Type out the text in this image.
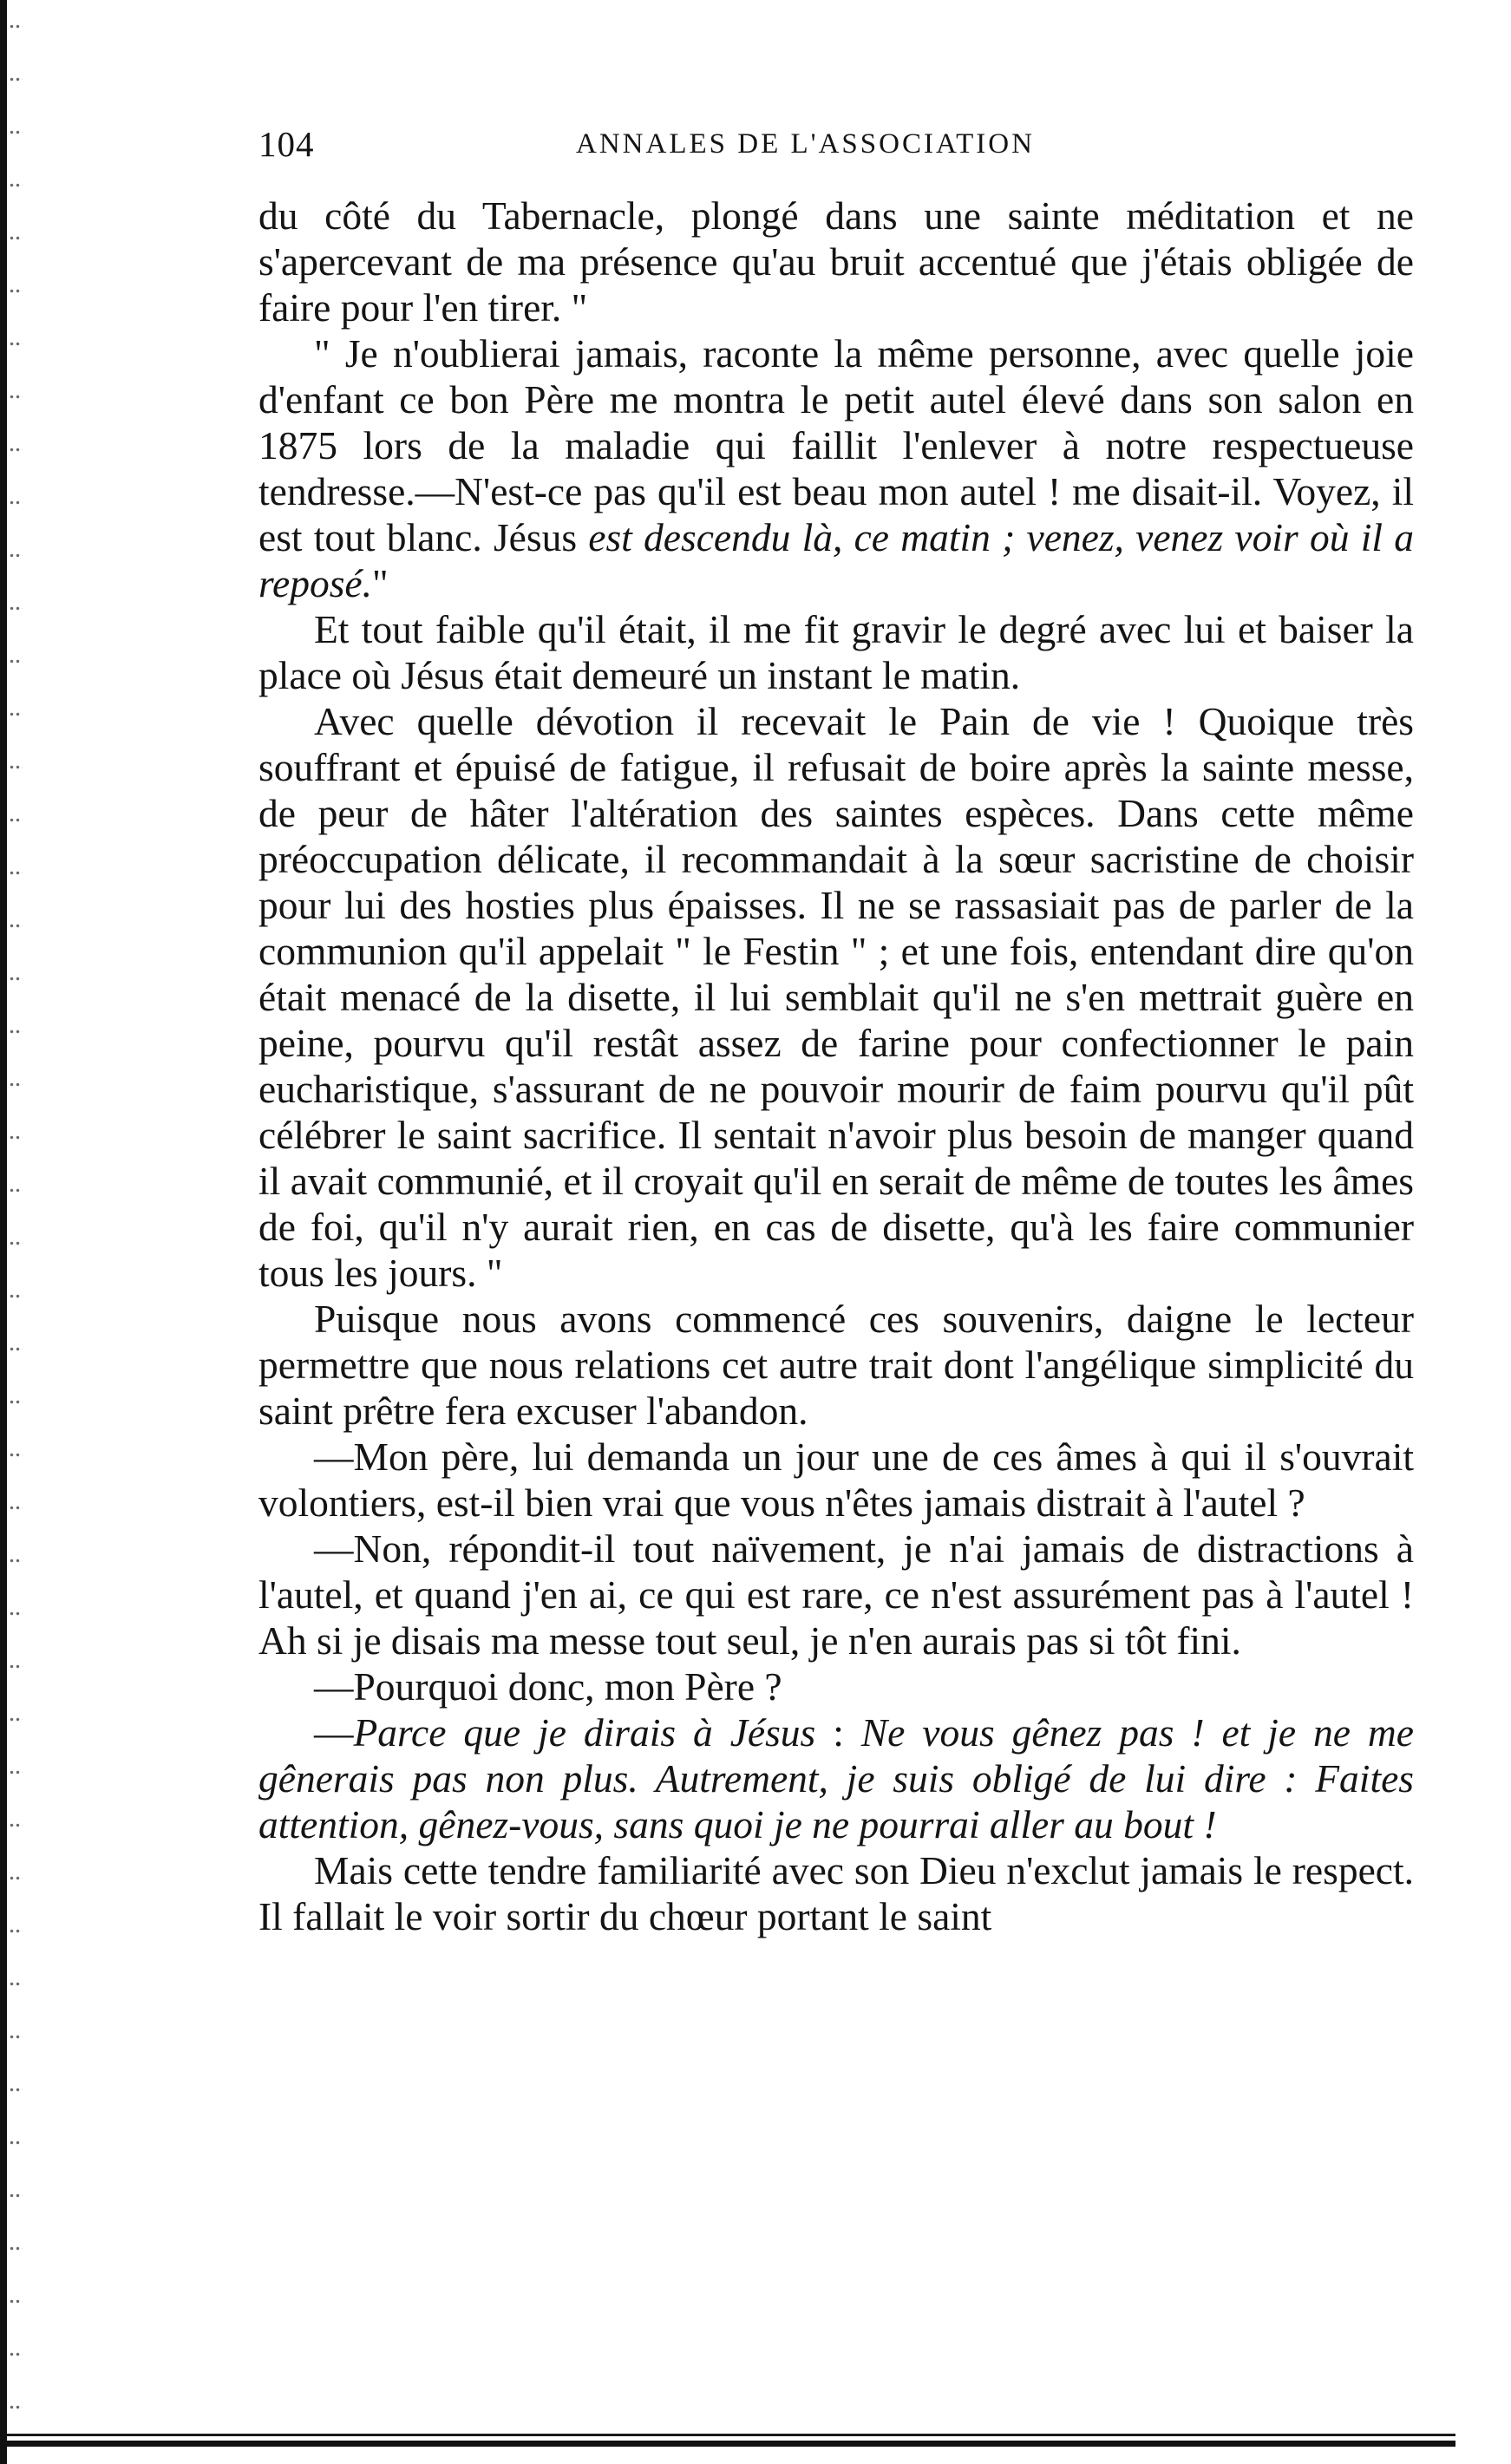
104	ANNALES DE L'ASSOCIATION

du côté du Tabernacle, plongé dans une sainte méditation et ne s'apercevant de ma présence qu'au bruit accentué que j'étais obligée de faire pour l'en tirer. "

" Je n'oublierai jamais, raconte la même personne, avec quelle joie d'enfant ce bon Père me montra le petit autel élevé dans son salon en 1875 lors de la maladie qui faillit l'enlever à notre respectueuse tendresse.—N'est-ce pas qu'il est beau mon autel ! me disait-il. Voyez, il est tout blanc. Jésus est descendu là, ce matin ; venez, venez voir où il a reposé."

Et tout faible qu'il était, il me fit gravir le degré avec lui et baiser la place où Jésus était demeuré un instant le matin.

Avec quelle dévotion il recevait le Pain de vie ! Quoique très souffrant et épuisé de fatigue, il refusait de boire après la sainte messe, de peur de hâter l'altération des saintes espèces. Dans cette même préoccupation délicate, il recommandait à la sœur sacristine de choisir pour lui des hosties plus épaisses. Il ne se rassasiait pas de parler de la communion qu'il appelait " le Festin " ; et une fois, entendant dire qu'on était menacé de la disette, il lui semblait qu'il ne s'en mettrait guère en peine, pourvu qu'il restât assez de farine pour confectionner le pain eucharistique, s'assurant de ne pouvoir mourir de faim pourvu qu'il pût célébrer le saint sacrifice. Il sentait n'avoir plus besoin de manger quand il avait communié, et il croyait qu'il en serait de même de toutes les âmes de foi, qu'il n'y aurait rien, en cas de disette, qu'à les faire communier tous les jours. "

Puisque nous avons commencé ces souvenirs, daigne le lecteur permettre que nous relations cet autre trait dont l'angélique simplicité du saint prêtre fera excuser l'abandon.

—Mon père, lui demanda un jour une de ces âmes à qui il s'ouvrait volontiers, est-il bien vrai que vous n'êtes jamais distrait à l'autel ?

—Non, répondit-il tout naïvement, je n'ai jamais de distractions à l'autel, et quand j'en ai, ce qui est rare, ce n'est assurément pas à l'autel ! Ah si je disais ma messe tout seul, je n'en aurais pas si tôt fini.

—Pourquoi donc, mon Père ?

—Parce que je dirais à Jésus : Ne vous gênez pas ! et je ne me gênerais pas non plus. Autrement, je suis obligé de lui dire : Faites attention, gênez-vous, sans quoi je ne pourrai aller au bout !

Mais cette tendre familiarité avec son Dieu n'exclut jamais le respect. Il fallait le voir sortir du chœur portant le saint
